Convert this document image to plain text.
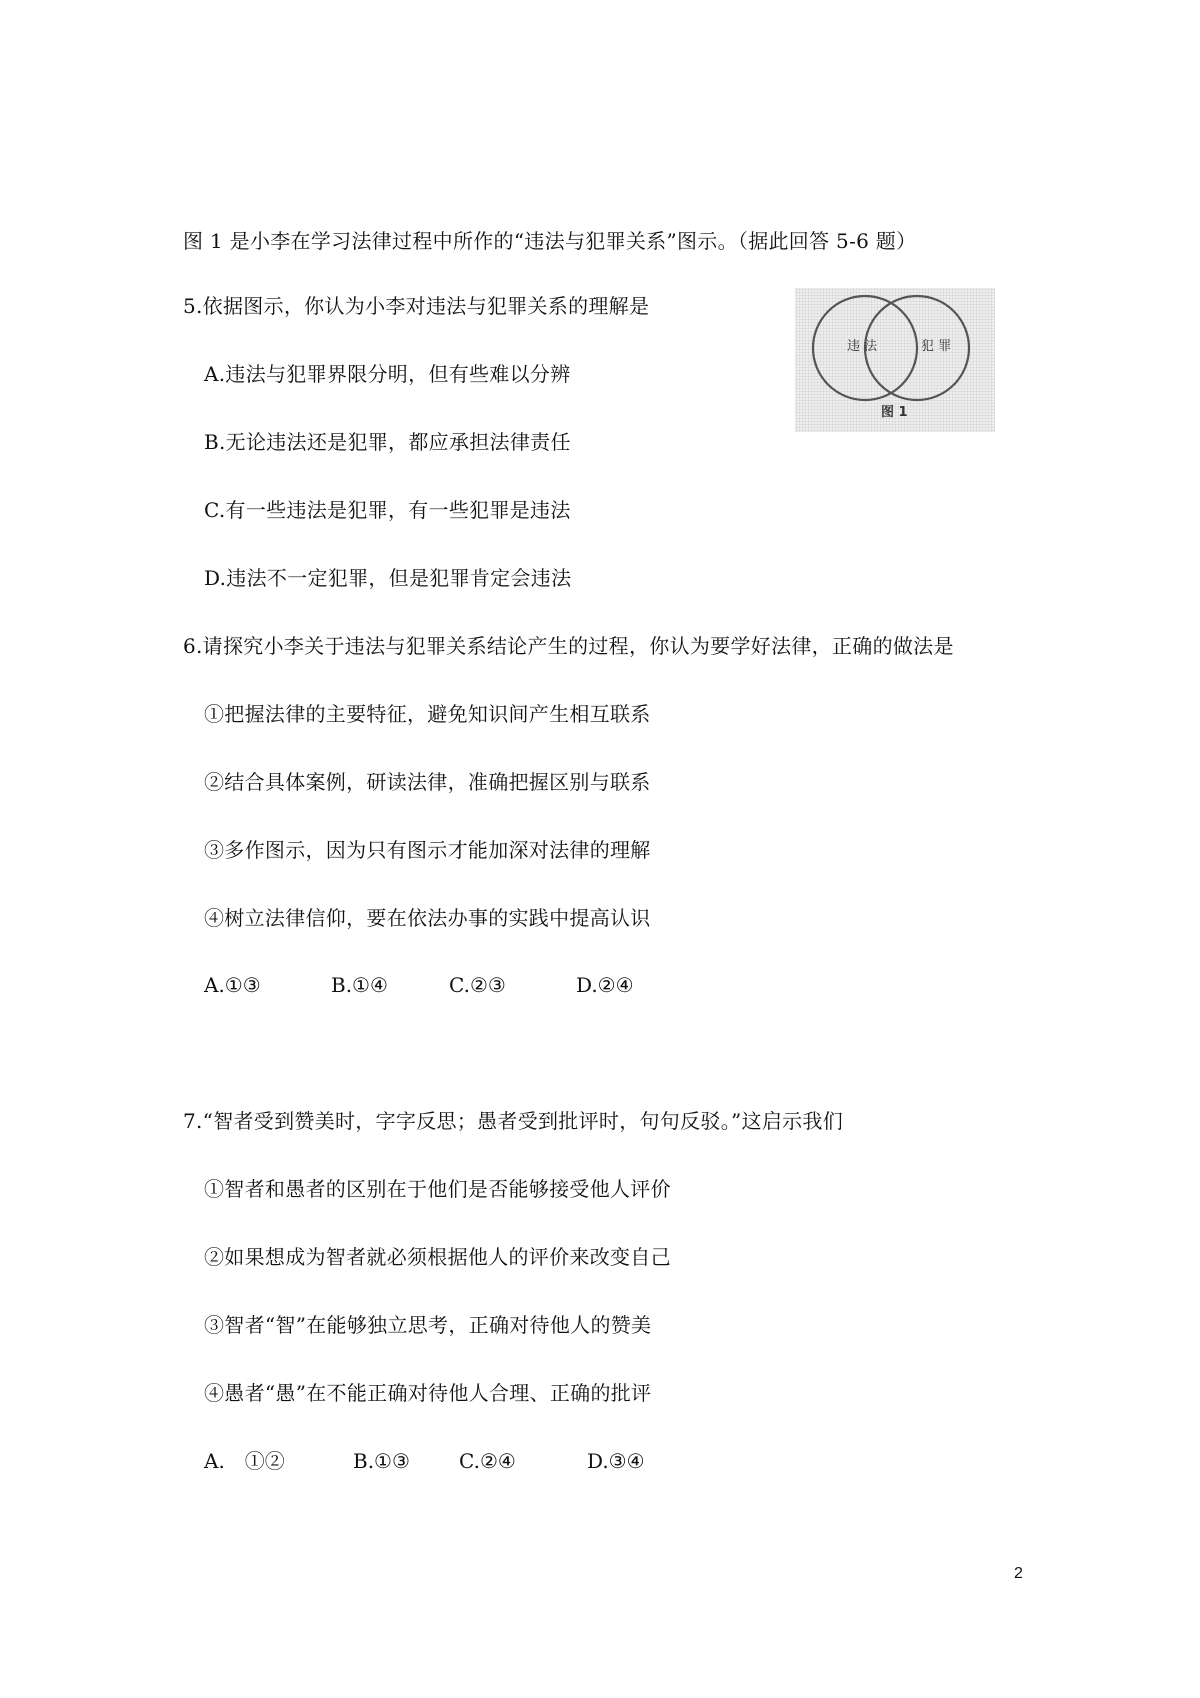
图 1 是小李在学习法律过程中所作的“违法与犯罪关系”图示。（据此回答 5-6 题）
5.依据图示，你认为小李对违法与犯罪关系的理解是
A.违法与犯罪界限分明，但有些难以分辨
B.无论违法还是犯罪，都应承担法律责任
C.有一些违法是犯罪，有一些犯罪是违法
D.违法不一定犯罪，但是犯罪肯定会违法
违 法	犯 罪
图 1
6.请探究小李关于违法与犯罪关系结论产生的过程，你认为要学好法律，正确的做法是
①把握法律的主要特征，避免知识间产生相互联系
②结合具体案例，研读法律，准确把握区别与联系
③多作图示，因为只有图示才能加深对法律的理解
④树立法律信仰，要在依法办事的实践中提高认识
A.①③	B.①④	C.②③	D.②④
7.“智者受到赞美时，字字反思；愚者受到批评时，句句反驳。”这启示我们
①智者和愚者的区别在于他们是否能够接受他人评价
②如果想成为智者就必须根据他人的评价来改变自己
③智者“智”在能够独立思考，正确对待他人的赞美
④愚者“愚”在不能正确对待他人合理、正确的批评
A.　①②	B.①③ C.②④	D.③④
2
